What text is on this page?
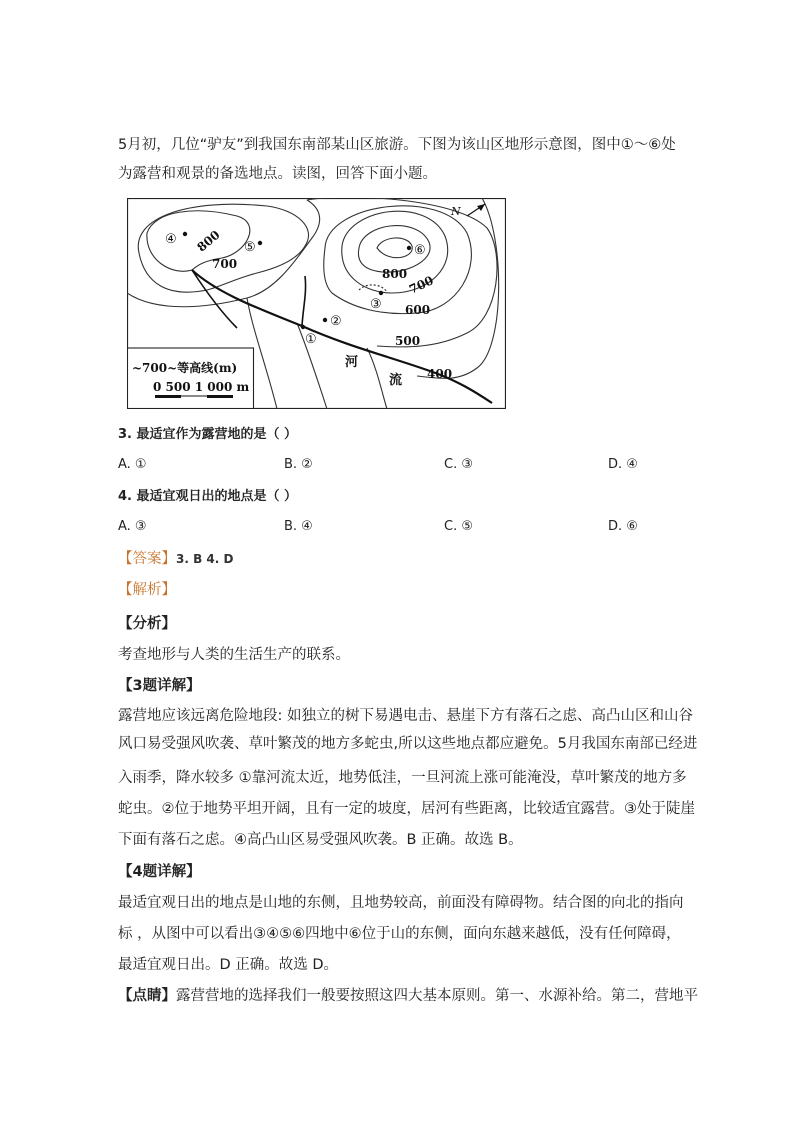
5月初，几位“驴友”到我国东南部某山区旅游。下图为该山区地形示意图，图中①～⑥处
为露营和观景的备选地点。读图，回答下面小题。
①
②
③
④
⑤	⑥
800
700
800 700
600
500
400
河
流
N
~700~等高线(m)
0 500 1 000 m
3. 最适宜作为露营地的是（ ）
A. ①	B. ②	C. ③	D. ④
4. 最适宜观日出的地点是（ ）
A. ③	B. ④	C. ⑤	D. ⑥
【答案】3. B 4. D
【解析】
【分析】
考查地形与人类的生活生产的联系。
【3题详解】
露营地应该远离危险地段: 如独立的树下易遇电击、悬崖下方有落石之虑、高凸山区和山谷
风口易受强风吹袭、草叶繁茂的地方多蛇虫,所以这些地点都应避免。5月我国东南部已经进
入雨季，降水较多 ①靠河流太近，地势低洼，一旦河流上涨可能淹没，草叶繁茂的地方多
蛇虫。②位于地势平坦开阔，且有一定的坡度，居河有些距离，比较适宜露营。③处于陡崖
下面有落石之虑。④高凸山区易受强风吹袭。B 正确。故选 B。
【4题详解】
最适宜观日出的地点是山地的东侧，且地势较高，前面没有障碍物。结合图的向北的指向
标 ，从图中可以看出③④⑤⑥四地中⑥位于山的东侧，面向东越来越低，没有任何障碍，
最适宜观日出。D 正确。故选 D。
【点睛】露营营地的选择我们一般要按照这四大基本原则。第一、水源补给。第二，营地平
